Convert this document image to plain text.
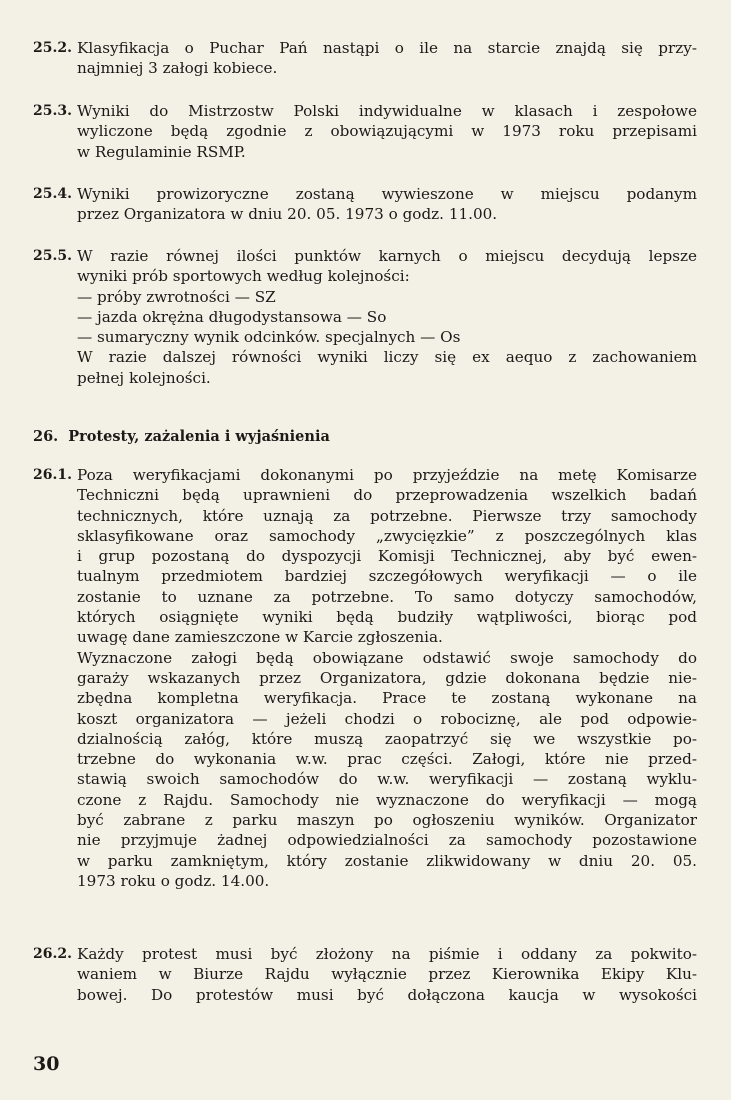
25.2. Klasyfikacja o Puchar Pań nastąpi o ile na starcie znajdą się przy-
najmniej 3 załogi kobiece.
25.3. Wyniki do Mistrzostw Polski indywidualne w klasach i zespołowe
wyliczone będą zgodnie z obowiązującymi w 1973 roku przepisami
w Regulaminie RSMP.
25.4. Wyniki prowizoryczne zostaną wywieszone w miejscu podanym
przez Organizatora w dniu 20. 05. 1973 o godz. 11.00.
25.5. W razie równej ilości punktów karnych o miejscu decydują lepsze
wyniki prób sportowych według kolejności:
— próby zwrotności — SZ
— jazda okrężna długodystansowa — So
— sumaryczny wynik odcinków. specjalnych — Os
W razie dalszej równości wyniki liczy się ex aequo z zachowaniem
pełnej kolejności.
26. Protesty, zażalenia i wyjaśnienia
26.1. Poza weryfikacjami dokonanymi po przyjeździe na metę Komisarze
Techniczni będą uprawnieni do przeprowadzenia wszelkich badań
technicznych, które uznają za potrzebne. Pierwsze trzy samochody
sklasyfikowane oraz samochody „zwycięzkie” z poszczególnych klas
i grup pozostaną do dyspozycji Komisji Technicznej, aby być ewen-
tualnym przedmiotem bardziej szczegółowych weryfikacji — o ile
zostanie to uznane za potrzebne. To samo dotyczy samochodów,
których osiągnięte wyniki będą budziły wątpliwości, biorąc pod
uwagę dane zamieszczone w Karcie zgłoszenia.
Wyznaczone załogi będą obowiązane odstawić swoje samochody do
garaży wskazanych przez Organizatora, gdzie dokonana będzie nie-
zbędna kompletna weryfikacja. Prace te zostaną wykonane na
koszt organizatora — jeżeli chodzi o robociznę, ale pod odpowie-
dzialnością załóg, które muszą zaopatrzyć się we wszystkie po-
trzebne do wykonania w.w. prac części. Załogi, które nie przed-
stawią swoich samochodów do w.w. weryfikacji — zostaną wyklu-
czone z Rajdu. Samochody nie wyznaczone do weryfikacji — mogą
być zabrane z parku maszyn po ogłoszeniu wyników. Organizator
nie przyjmuje żadnej odpowiedzialności za samochody pozostawione
w parku zamkniętym, który zostanie zlikwidowany w dniu 20. 05.
1973 roku o godz. 14.00.
26.2. Każdy protest musi być złożony na piśmie i oddany za pokwito-
waniem w Biurze Rajdu wyłącznie przez Kierownika Ekipy Klu-
bowej. Do protestów musi być dołączona kaucja w wysokości
30
